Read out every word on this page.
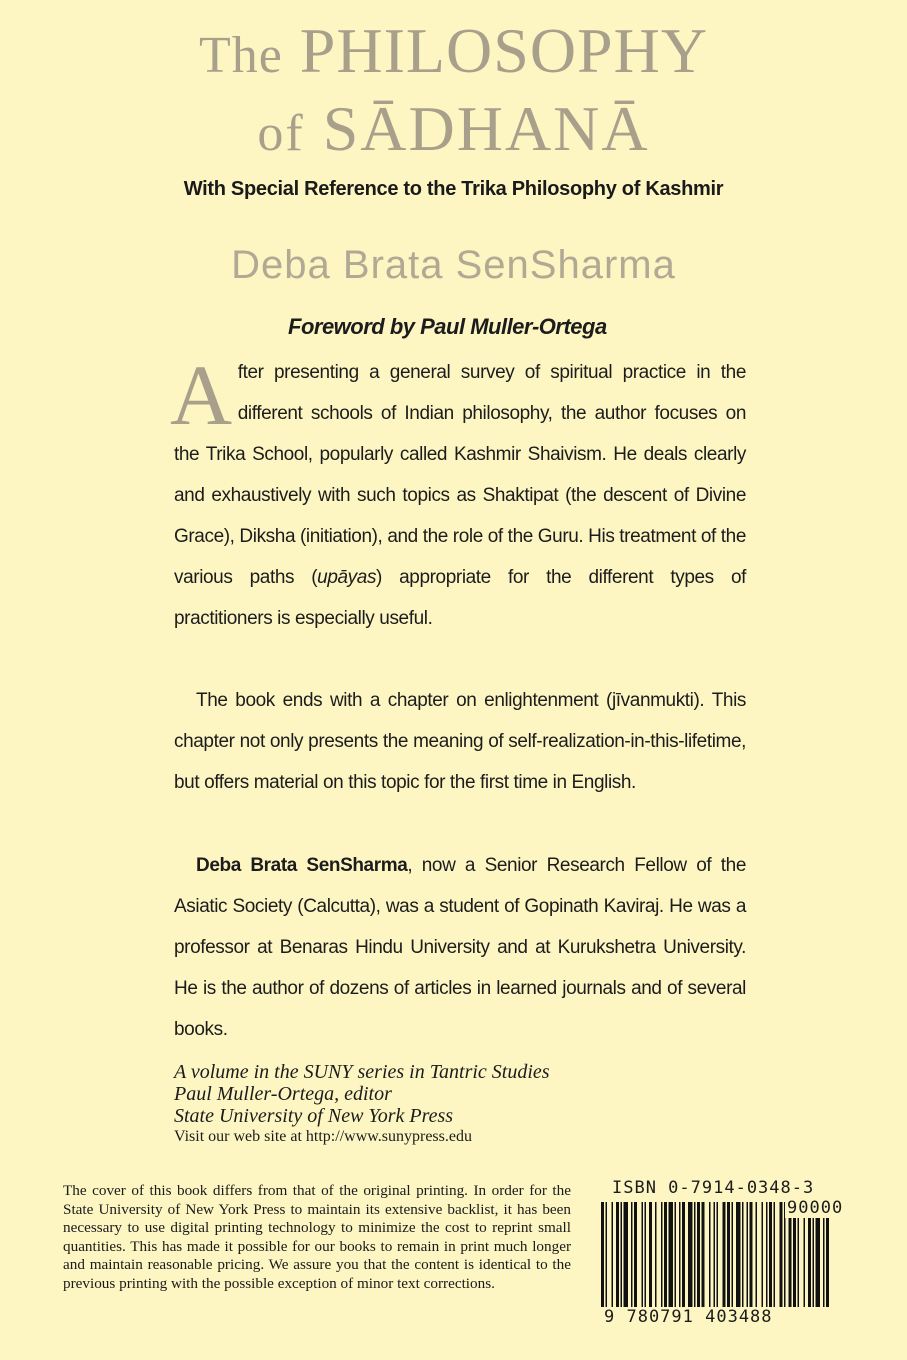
The PHILOSOPHY
of SĀDHANĀ
With Special Reference to the Trika Philosophy of Kashmir
Deba Brata SenSharma
Foreword by Paul Muller-Ortega
After presenting a general survey of spiritual practice in the different schools of Indian philosophy, the author focuses on the Trika School, popularly called Kashmir Shaivism. He deals clearly and exhaustively with such topics as Shaktipat (the descent of Divine Grace), Diksha (initiation), and the role of the Guru. His treatment of the various paths (upāyas) appropriate for the different types of practitioners is especially useful.
The book ends with a chapter on enlightenment (jīvanmukti). This chapter not only presents the meaning of self-realization-in-this-lifetime, but offers material on this topic for the first time in English.
Deba Brata SenSharma, now a Senior Research Fellow of the Asiatic Society (Calcutta), was a student of Gopinath Kaviraj. He was a professor at Benaras Hindu University and at Kurukshetra University. He is the author of dozens of articles in learned journals and of several books.
A volume in the SUNY series in Tantric Studies
Paul Muller-Ortega, editor
State University of New York Press
Visit our web site at http://www.sunypress.edu
The cover of this book differs from that of the original printing. In order for the State University of New York Press to maintain its extensive backlist, it has been necessary to use digital printing technology to minimize the cost to reprint small quantities. This has made it possible for our books to remain in print much longer and maintain reasonable pricing. We assure you that the content is identical to the previous printing with the possible exception of minor text corrections.
ISBN 0-7914-0348-3
90000
9 780791 403488
